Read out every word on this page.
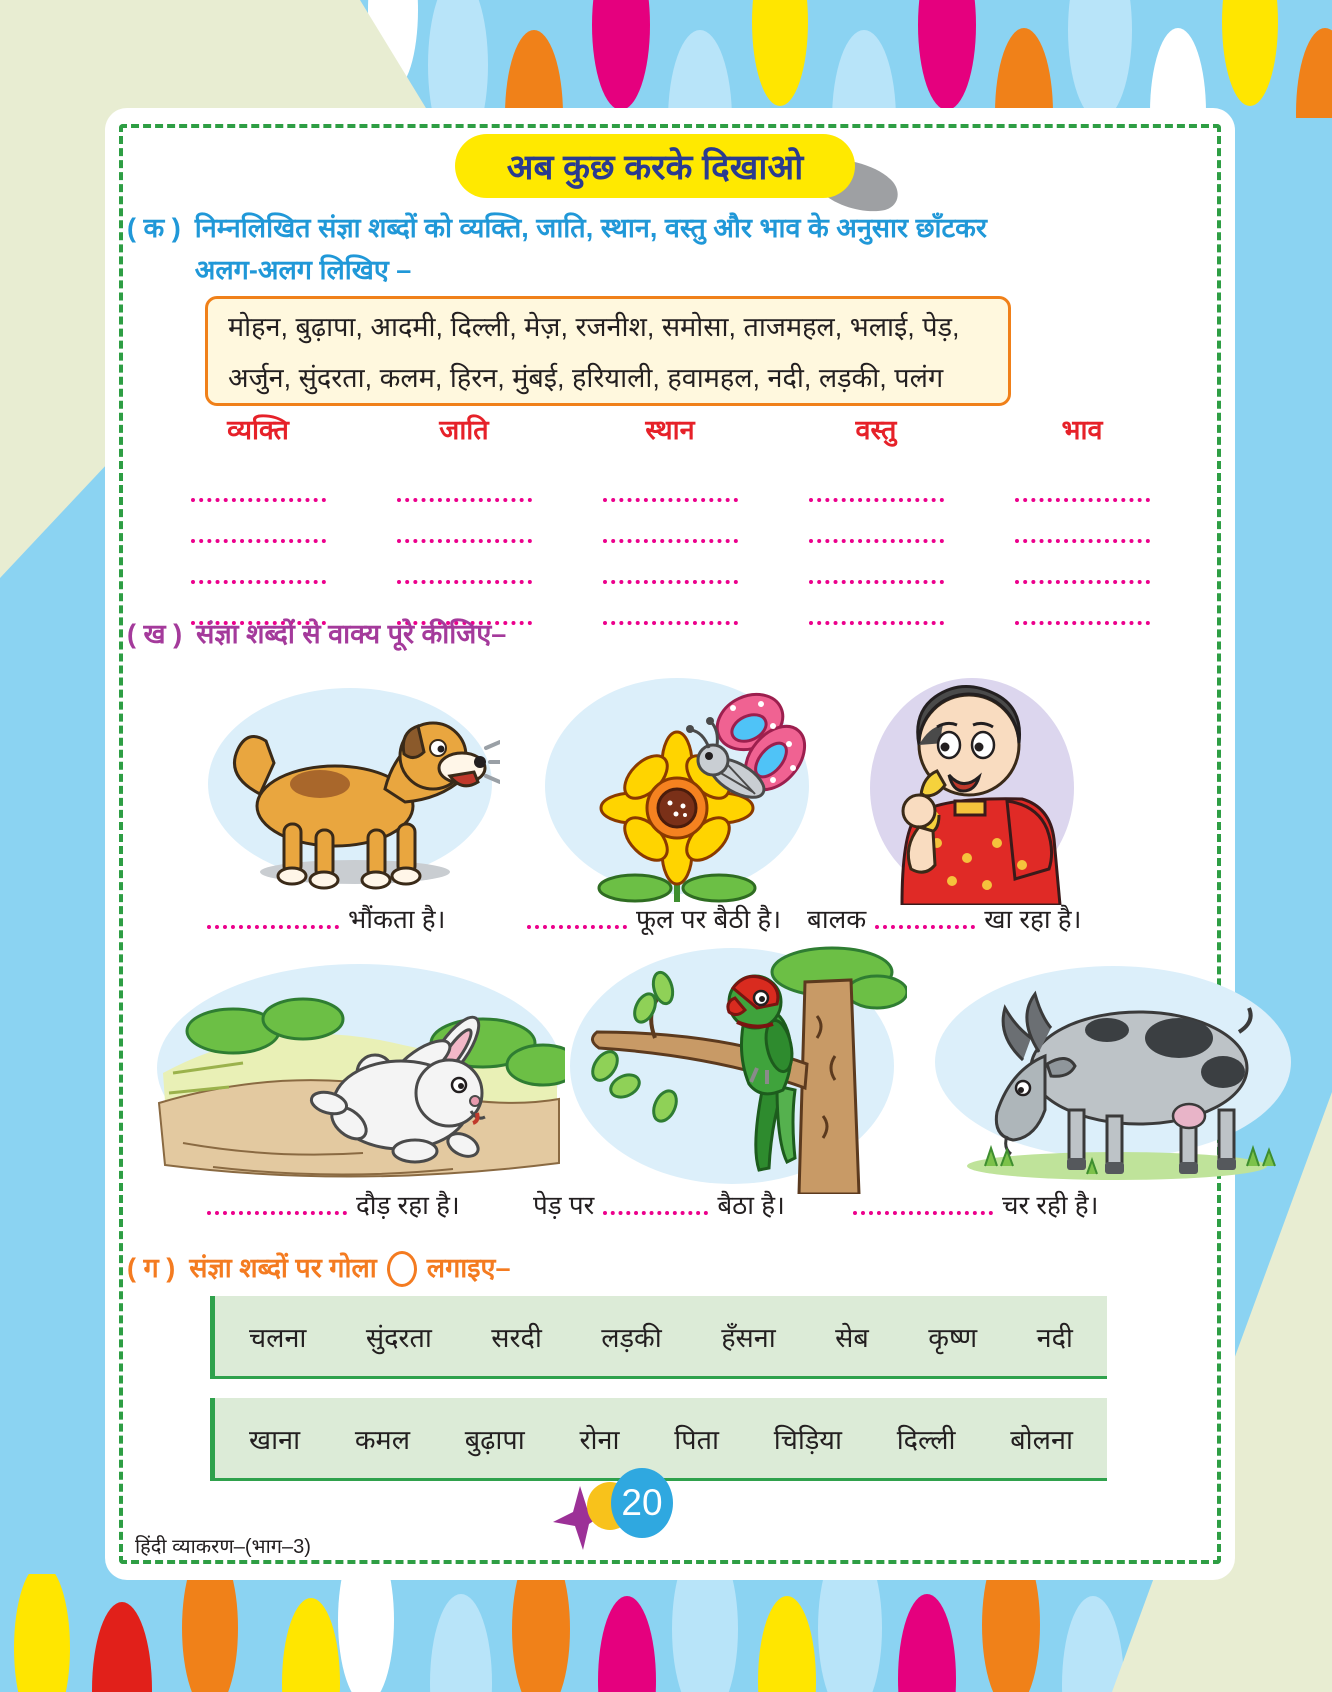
अब कुछ करके दिखाओ
( क ) निम्नलिखित संज्ञा शब्दों को व्यक्ति, जाति, स्थान, वस्तु और भाव के अनुसार छाँटकर
अलग-अलग लिखिए –
मोहन, बुढ़ापा, आदमी, दिल्ली, मेज़, रजनीश, समोसा, ताजमहल, भलाई, पेड़,
अर्जुन, सुंदरता, कलम, हिरन, मुंबई, हरियाली, हवामहल, नदी, लड़की, पलंग
व्यक्ति	जाति	स्थान	वस्तु	भाव
( ख ) संज्ञा शब्दों से वाक्य पूरे कीजिए–
भौंकता है।	फूल पर बैठी है। बालक	खा रहा है।
दौड़ रहा है।	पेड़ पर	बैठा है।	चर रही है।
( ग ) संज्ञा शब्दों पर गोला लगाइए–
चलना सुंदरता सरदी लड़की हँसना सेब कृष्ण नदी
खाना कमल बुढ़ापा रोना पिता चिड़िया दिल्ली बोलना
हिंदी व्याकरण–(भाग–3)
20
